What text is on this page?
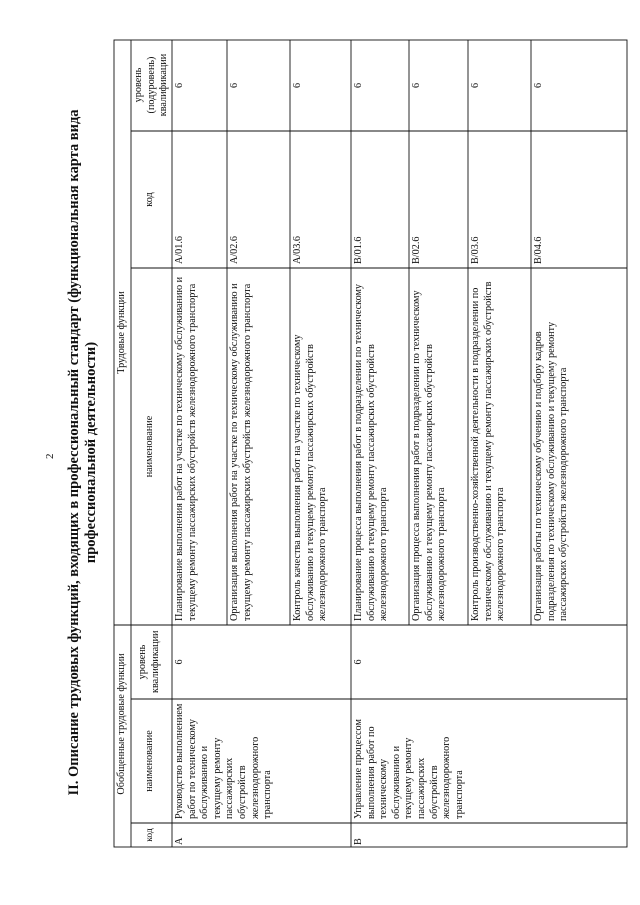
2 II. Описание трудовых функций, входящих в профессиональный стандарт (функциональная карта вида профессиональной деятельности)
Обобщенные трудовые функции
Трудовые функции
код
наименование
уровень квалификации
наименование
код
уровень (подуровень) квалификации
A
Руководство выполнением работ по техническому обслуживанию и текущему ремонту пассажирских обустройств железнодорожного транспорта
6
Планирование выполнения работ на участке по техническому обслуживанию и текущему ремонту пассажирских обустройств железнодорожного транспорта
A/01.6
6
Организация выполнения работ на участке по техническому обслуживанию и текущему ремонту пассажирских обустройств железнодорожного транспорта
A/02.6
6
Контроль качества выполнения работ на участке по техническому обслуживанию и текущему ремонту пассажирских обустройств железнодорожного транспорта
A/03.6
6
B
Управление процессом выполнения работ по техническому обслуживанию и текущему ремонту пассажирских обустройств железнодорожного транспорта
6
Планирование процесса выполнения работ в подразделении по техническому обслуживанию и текущему ремонту пассажирских обустройств железнодорожного транспорта
B/01.6
6
Организация процесса выполнения работ в подразделении по техническому обслуживанию и текущему ремонту пассажирских обустройств железнодорожного транспорта
B/02.6
6
Контроль производственно-хозяйственной деятельности в подразделении по техническому обслуживанию и текущему ремонту пассажирских обустройств железнодорожного транспорта
B/03.6
6
Организация работы по техническому обучению и подбору кадров подразделения по техническому обслуживанию и текущему ремонту пассажирских обустройств железнодорожного транспорта
B/04.6
6
